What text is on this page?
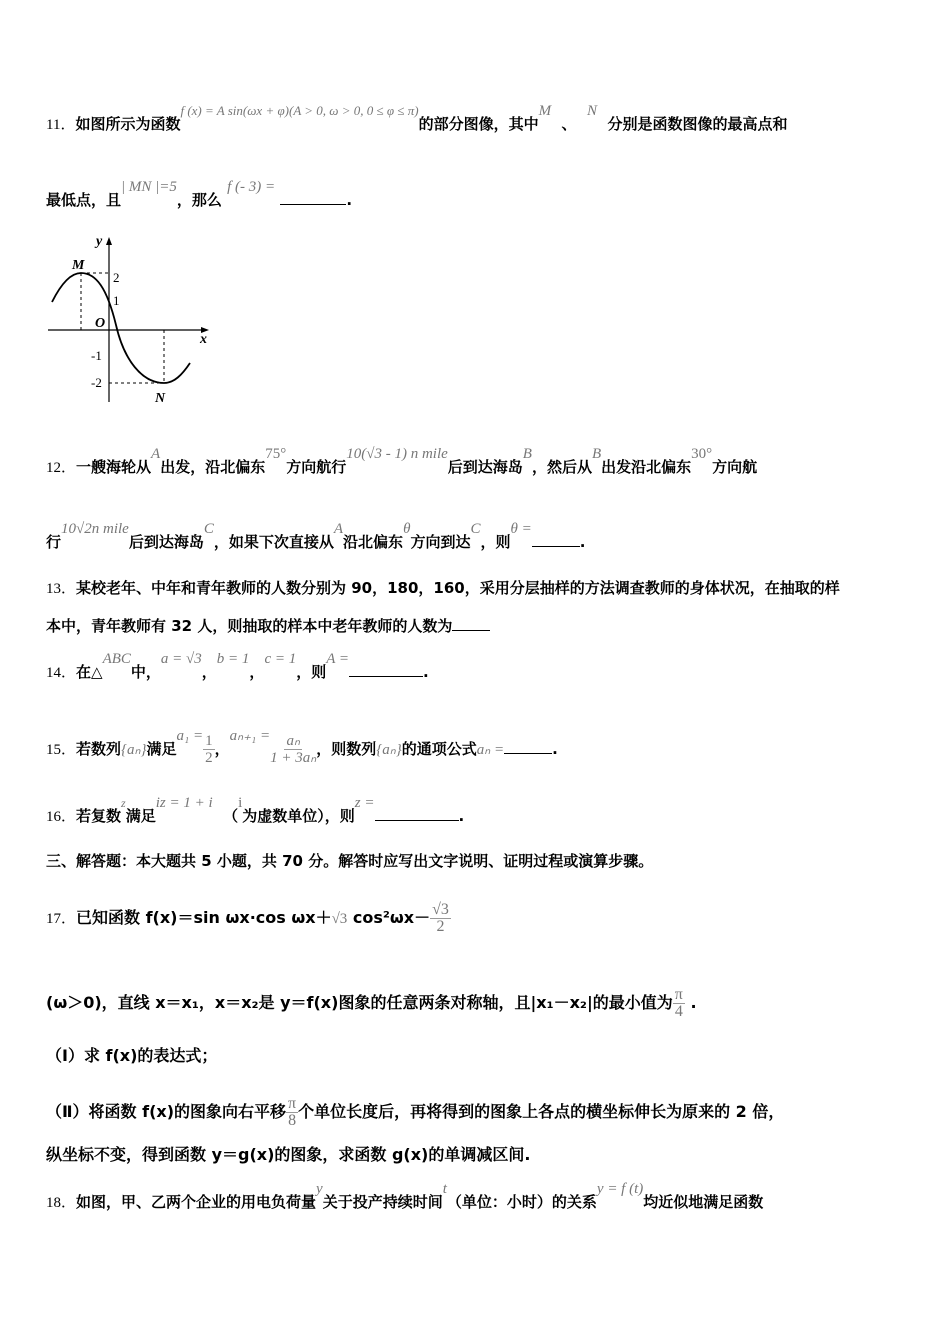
11．如图所示为函数f (x) = A sin(ωx + φ)(A > 0, ω > 0, 0 ≤ φ ≤ π)的部分图像，其中M  、  N  分别是函数图像的最高点和
最低点，且| MN |=5，那么 f (- 3) = .
y
x
O
M
N
2
1
-1
-2
12．一艘海轮从A出发，沿北偏东75°方向航行10(√3 - 1) n mile后到达海岛B，然后从B出发沿北偏东30°方向航
行10√2n mile后到达海岛C，如果下次直接从A沿北偏东θ方向到达C，则θ =.
13．某校老年、中年和青年教师的人数分别为 90，180，160，采用分层抽样的方法调查教师的身体状况，在抽取的样
本中，青年教师有 32 人，则抽取的样本中老年教师的人数为
14．在△ABC中，a = √3，b = 1，c = 1，则A =.
15．若数列{aₙ}满足$a_1 = \frac{1}{2}$ ，$a_{n+1} = \frac{\text{aₙ}}{\text{1 + 3aₙ}}$ ，则数列{aₙ}的通项公式aₙ =	.
16．若复数$^z$满足iz = 1 + i  （i为虚数单位），则z =.
三、解答题：本大题共 5 小题，共 70 分。解答时应写出文字说明、证明过程或演算步骤。
17．已知函数 f(x)＝sin ωx·cos ωx＋√3 $\cos^2\omega x- \frac{√3}{2}$
(ω＞0)，直线 x＝x₁，x＝x₂是 y＝f(x)图象的任意两条对称轴，且|x₁－x₂|的最小值为 $\frac{\pi}{4}$ .
（Ⅰ）求 f(x)的表达式；
（Ⅱ）将函数 f(x)的图象向右平移 $\frac{\pi}{8}$ 个单位长度后，再将得到的图象上各点的横坐标伸长为原来的 2 倍，
纵坐标不变，得到函数 y＝g(x)的图象，求函数 g(x)的单调减区间.
18．如图，甲、乙两个企业的用电负荷量y关于投产持续时间t（单位：小时）的关系y = f (t)均近似地满足函数
